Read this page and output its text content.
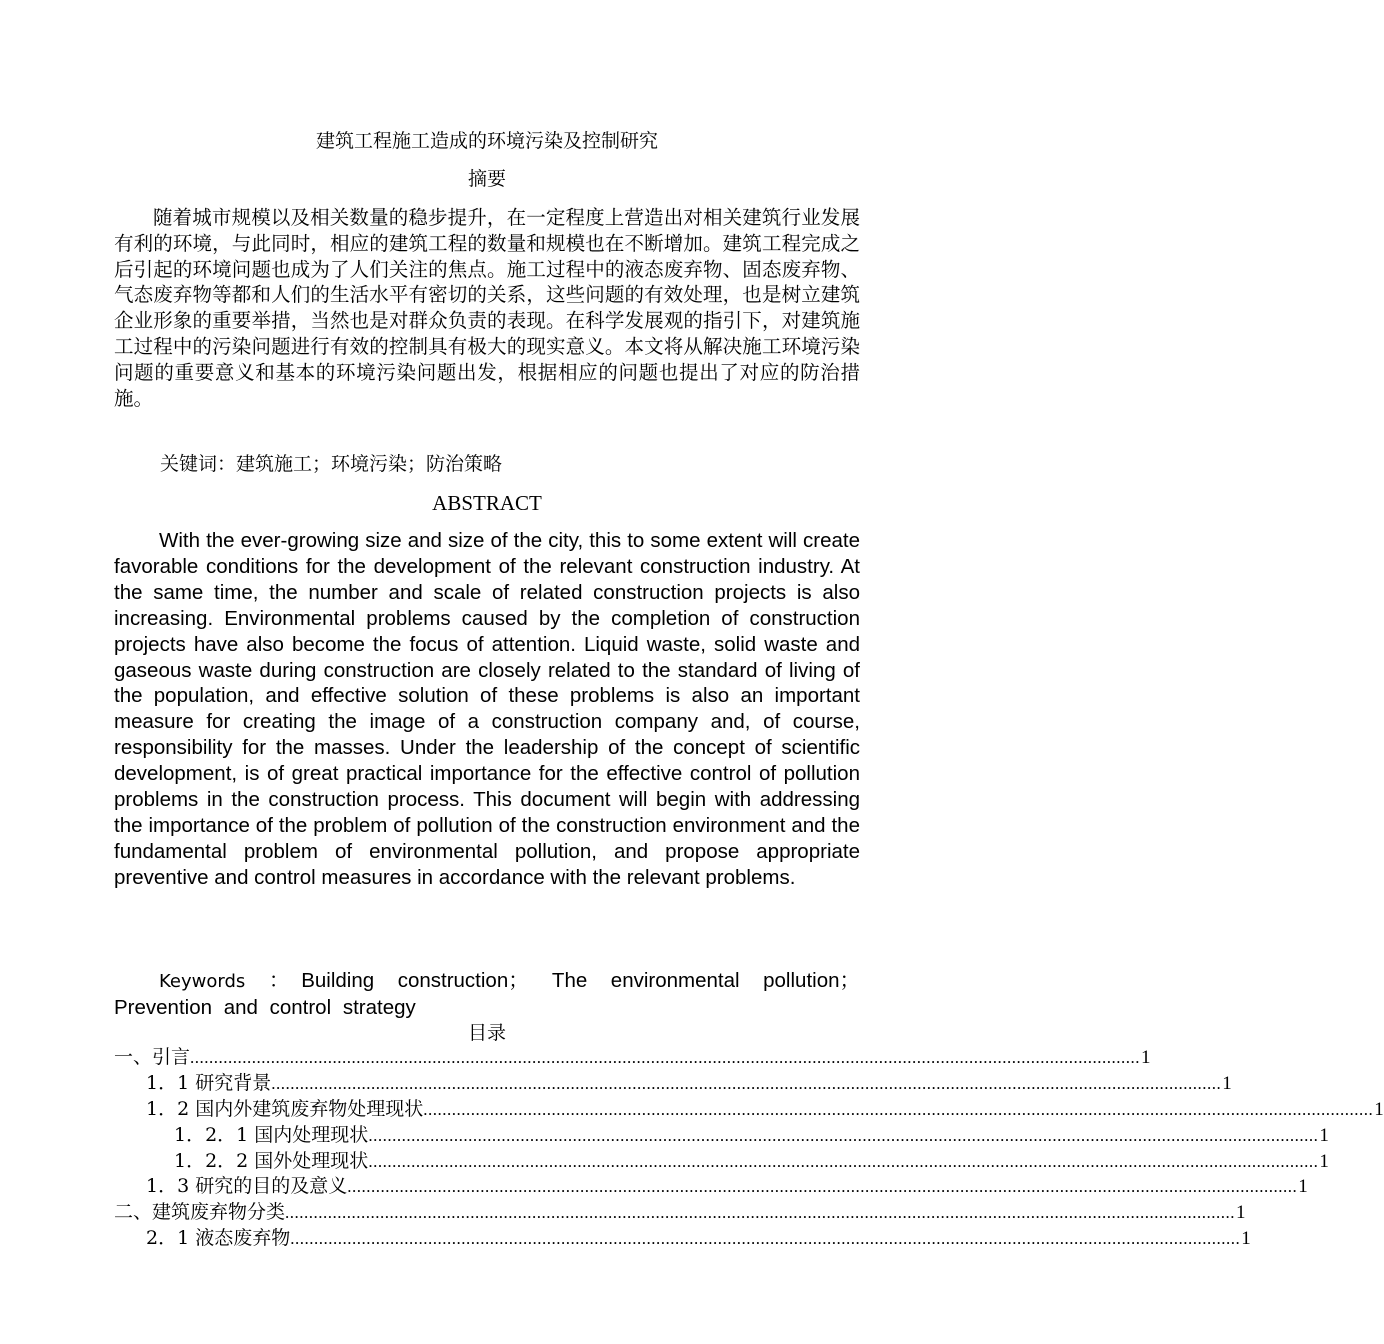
建筑工程施工造成的环境污染及控制研究
摘要

随着城市规模以及相关数量的稳步提升，在一定程度上营造出对相关建筑行业发展有利的环境，与此同时，相应的建筑工程的数量和规模也在不断增加。建筑工程完成之后引起的环境问题也成为了人们关注的焦点。施工过程中的液态废弃物、固态废弃物、气态废弃物等都和人们的生活水平有密切的关系，这些问题的有效处理，也是树立建筑企业形象的重要举措，当然也是对群众负责的表现。在科学发展观的指引下，对建筑施工过程中的污染问题进行有效的控制具有极大的现实意义。本文将从解决施工环境污染问题的重要意义和基本的环境污染问题出发，根据相应的问题也提出了对应的防治措施。

关键词：建筑施工；环境污染；防治策略
ABSTRACT

With the ever-growing size and size of the city, this to some extent will create favorable conditions for the development of the relevant construction industry. At the same time, the number and scale of related construction projects is also increasing. Environmental problems caused by the completion of construction projects have also become the focus of attention. Liquid waste, solid waste and gaseous waste during construction are closely related to the standard of living of the population, and effective solution of these problems is also an important measure for creating the image of a construction company and, of course, responsibility for the masses. Under the leadership of the concept of scientific development, is of great practical importance for the effective control of pollution problems in the construction process. This document will begin with addressing the importance of the problem of pollution of the construction environment and the fundamental problem of environmental pollution, and propose appropriate preventive and control measures in accordance with the relevant problems.

Keywords ：Building construction； The environmental pollution； Prevention and control strategy

目录
一、引言 ........................................................................................................................................................................................................ 1
1．1 研究背景 ........................................................................................................................................................................................................ 1
1．2 国内外建筑废弃物处理现状 ........................................................................................................................................................................................................ 1
1．2．1 国内处理现状 ........................................................................................................................................................................................................ 1
1．2．2 国外处理现状 ........................................................................................................................................................................................................ 1
1．3 研究的目的及意义 ........................................................................................................................................................................................................ 1
二、建筑废弃物分类 ........................................................................................................................................................................................................ 1
2．1 液态废弃物 ........................................................................................................................................................................................................ 1
